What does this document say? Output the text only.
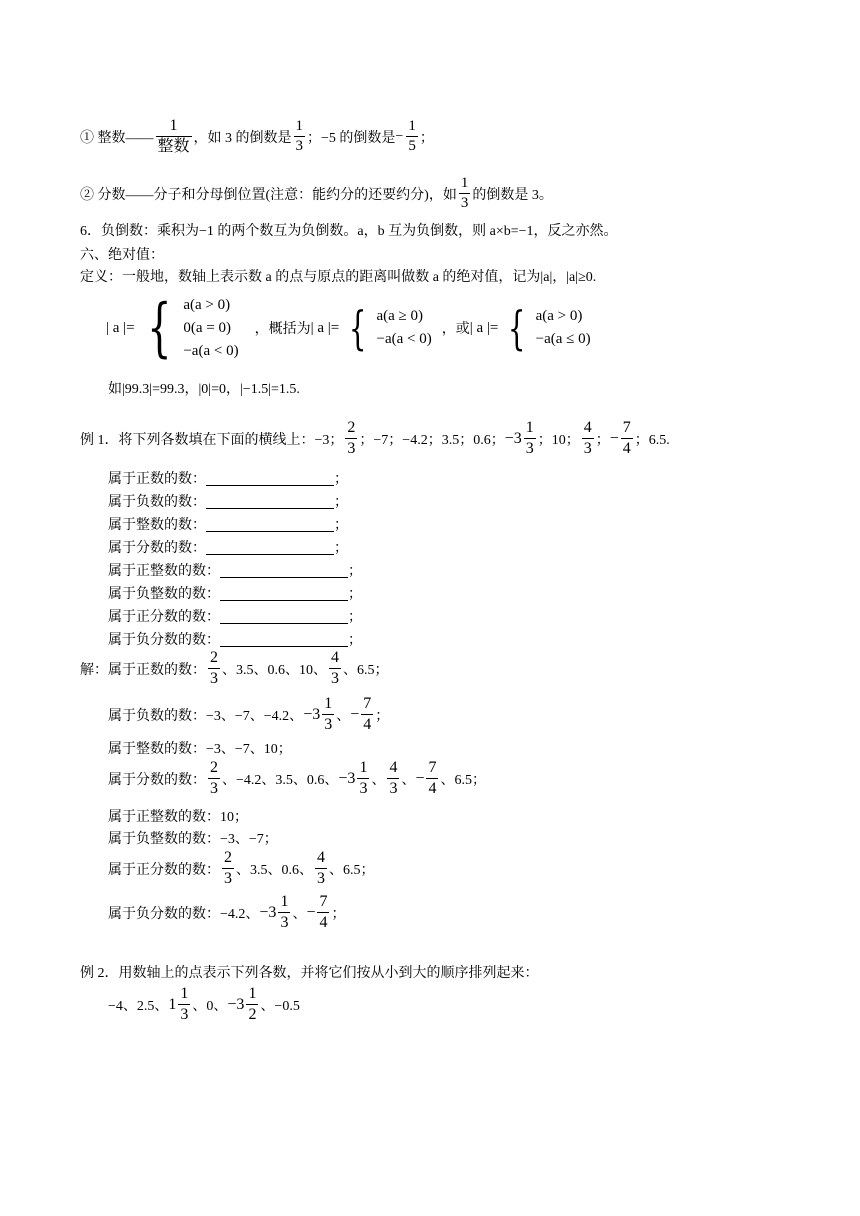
① 整数—— $\frac{1}{\text{整数}}$ ，如 3 的倒数是 $\frac{1}{3}$ ；−5 的倒数是 − $\frac{1}{5}$ ；
② 分数——分子和分母倒位置(注意：能约分的还要约分)，如 $\frac{1}{3}$ 的倒数是 3。
6．负倒数：乘积为−1 的两个数互为负倒数。a，b 互为负倒数，则 a×b=−1，反之亦然。
六、绝对值：
定义：一般地，数轴上表示数 a 的点与原点的距离叫做数 a 的绝对值，记为|a|，|a|≥0.
| a |= { a(a > 0)
0(a = 0)
−a(a < 0)
，概括为 | a |= { a(a ≥ 0)
−a(a < 0)
，或 | a |= { a(a > 0)
−a(a ≤ 0)
如|99.3|=99.3，|0|=0，|−1.5|=1.5.
例 1．将下列各数填在下面的横线上：−3； $\frac{2}{3}$ ；−7；−4.2；3.5；0.6； $-3 \frac{1}{3}$ ；10； $\frac{4}{3}$ ； − $\frac{7}{4}$ ；6.5.
属于正数的数：	；
属于负数的数：	；
属于整数的数：	；
属于分数的数：	；
属于正整数的数：	；
属于负整数的数：	；
属于正分数的数：	；
属于负分数的数：	；
解： 属于正数的数： $\frac{2}{3}$ 、3.5、0.6、10、 $\frac{4}{3}$ 、6.5；
属于负数的数：−3、−7、−4.2、 $-3 \frac{1}{3}$ 、 − $\frac{7}{4}$ ；
属于整数的数：−3、−7、10；
属于分数的数： $\frac{2}{3}$ 、−4.2、3.5、0.6、 $-3 \frac{1}{3}$ 、 $\frac{4}{3}$ 、 − $\frac{7}{4}$ 、6.5；
属于正整数的数：10；
属于负整数的数：−3、−7；
属于正分数的数： $\frac{2}{3}$ 、3.5、0.6、 $\frac{4}{3}$ 、6.5；
属于负分数的数：−4.2、 $-3 \frac{1}{3}$ 、 − $\frac{7}{4}$ ；
例 2．用数轴上的点表示下列各数，并将它们按从小到大的顺序排列起来：
−4、2.5、 $1 \frac{1}{3}$ 、0、 $-3 \frac{1}{2}$ 、−0.5
